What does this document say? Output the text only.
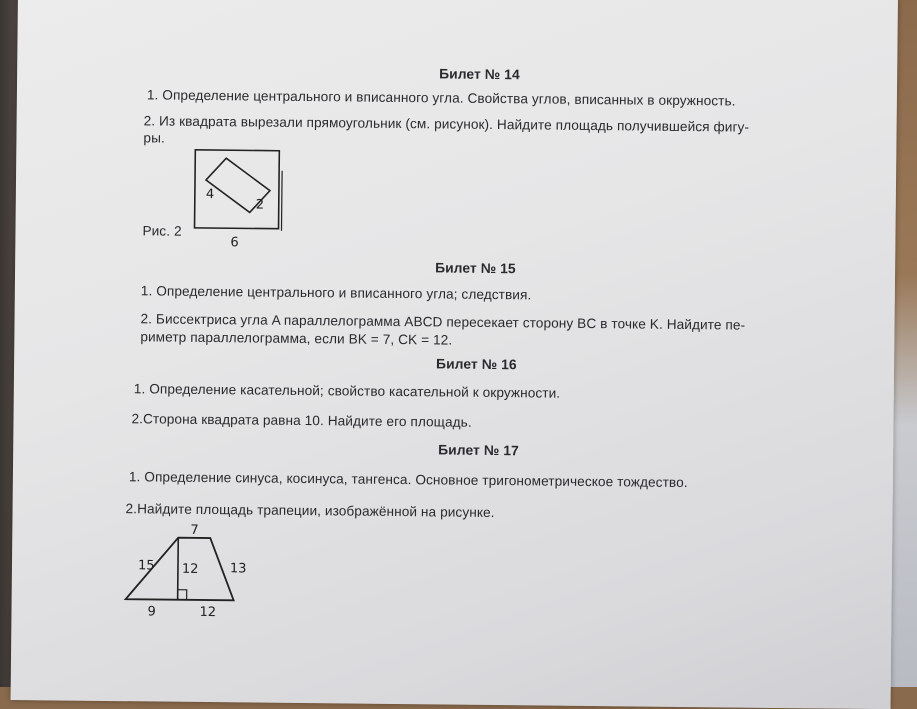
Билет № 14
1. Определение центрального и вписанного угла. Свойства углов, вписанных в окружность.
2. Из квадрата вырезали прямоугольник (см. рисунок). Найдите площадь получившейся фигу-
ры.
4
2
6
Рис. 2
Билет № 15
1. Определение центрального и вписанного угла; следствия.
2. Биссектриса угла A параллелограмма ABCD пересекает сторону BC в точке K. Найдите пе-
риметр параллелограмма, если BK = 7, CK = 12.
Билет № 16
1. Определение касательной; свойство касательной к окружности.
2.Сторона квадрата равна 10. Найдите его площадь.
Билет № 17
1. Определение синуса, косинуса, тангенса. Основное тригонометрическое тождество.
2.Найдите площадь трапеции, изображённой на рисунке.
7
15 12 13
9	12
